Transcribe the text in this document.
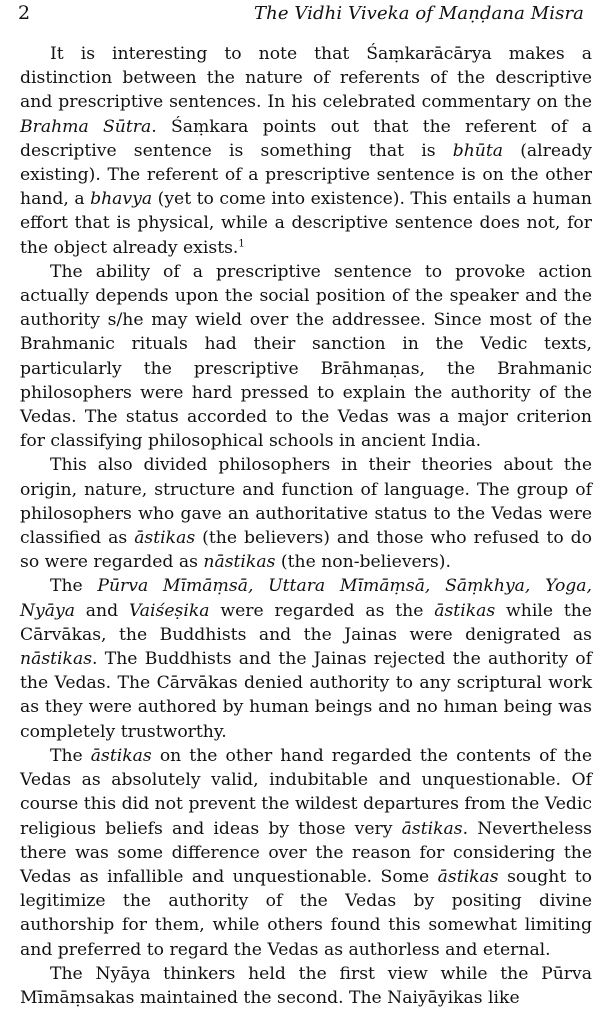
2	The Vidhi Viveka of Maṇḍana Misra

It is interesting to note that Śaṃkarācārya makes a distinction between the nature of referents of the descriptive and prescriptive sentences. In his celebrated commentary on the Brahma Sūtra. Śaṃkara points out that the referent of a descriptive sentence is something that is bhūta (already existing). The referent of a prescriptive sentence is on the other hand, a bhavya (yet to come into existence). This entails a human effort that is physical, while a descriptive sentence does not, for the object already exists.$^1$

The ability of a prescriptive sentence to provoke action actually depends upon the social position of the speaker and the authority s/he may wield over the addressee. Since most of the Brahmanic rituals had their sanction in the Vedic texts, particularly the prescriptive Brāhmaṇas, the Brahmanic philosophers were hard pressed to explain the authority of the Vedas. The status accorded to the Vedas was a major criterion for classifying philosophical schools in ancient India.

This also divided philosophers in their theories about the origin, nature, structure and function of language. The group of philosophers who gave an authoritative status to the Vedas were classified as āstikas (the believers) and those who refused to do so were regarded as nāstikas (the non-believers).

The Pūrva Mīmāṃsā, Uttara Mīmāṃsā, Sāṃkhya, Yoga, Nyāya and Vaiśeṣika were regarded as the āstikas while the Cārvākas, the Buddhists and the Jainas were denigrated as nāstikas. The Buddhists and the Jainas rejected the authority of the Vedas. The Cārvākas denied authority to any scriptural work as they were authored by human beings and no hıman being was completely trustworthy.

The āstikas on the other hand regarded the contents of the Vedas as absolutely valid, indubitable and unquestionable. Of course this did not prevent the wildest departures from the Vedic religious beliefs and ideas by those very āstikas. Nevertheless there was some difference over the reason for considering the Vedas as infallible and unquestionable. Some āstikas sought to legitimize the authority of the Vedas by positing divine authorship for them, while others found this somewhat limiting and preferred to regard the Vedas as authorless and eternal.

The Nyāya thinkers held the first view while the Pūrva Mīmāṃsakas maintained the second. The Naiyāyikas like
